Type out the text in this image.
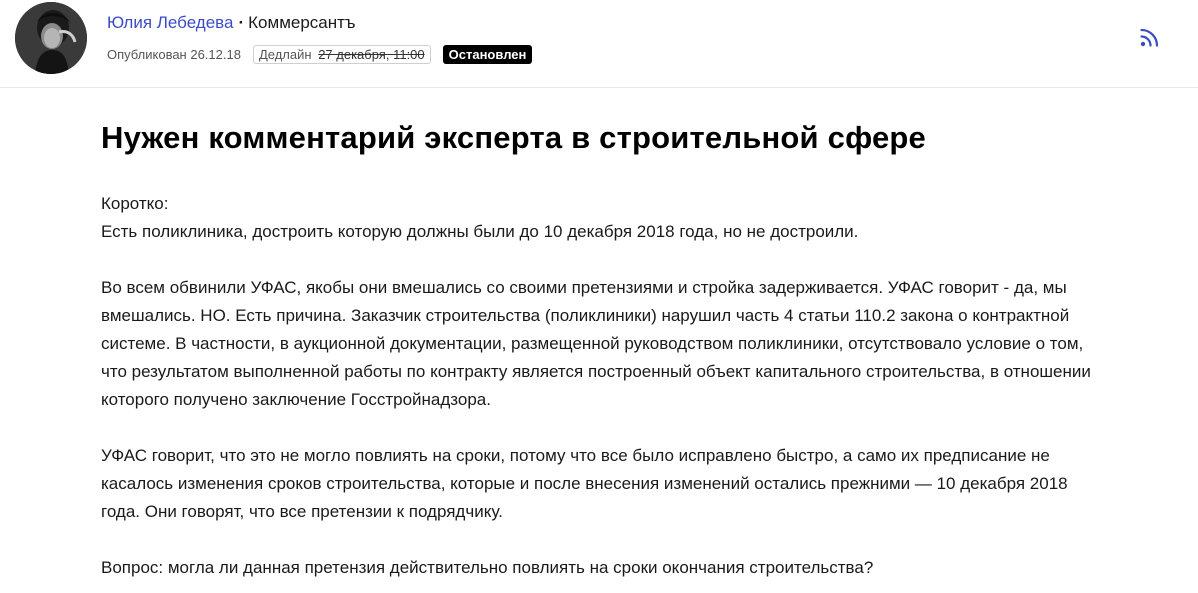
Юлия Лебедева · Коммерсантъ
Опубликован 26.12.18	Дедлайн 27 декабря, 11:00	Остановлен
Нужен комментарий эксперта в строительной сфере

Коротко:
Есть поликлиника, достроить которую должны были до 10 декабря 2018 года, но не достроили.

Во всем обвинили УФАС, якобы они вмешались со своими претензиями и стройка задерживается. УФАС говорит - да, мы вмешались. НО. Есть причина. Заказчик строительства (поликлиники) нарушил часть 4 статьи 110.2 закона о контрактной системе. В частности, в аукционной документации, размещенной руководством поликлиники, отсутствовало условие о том, что результатом выполненной работы по контракту является построенный объект капитального строительства, в отношении которого получено заключение Госстройнадзора.

УФАС говорит, что это не могло повлиять на сроки, потому что все было исправлено быстро, а само их предписание не касалось изменения сроков строительства, которые и после внесения изменений остались прежними — 10 декабря 2018 года. Они говорят, что все претензии к подрядчику.

Вопрос: могла ли данная претензия действительно повлиять на сроки окончания строительства?
